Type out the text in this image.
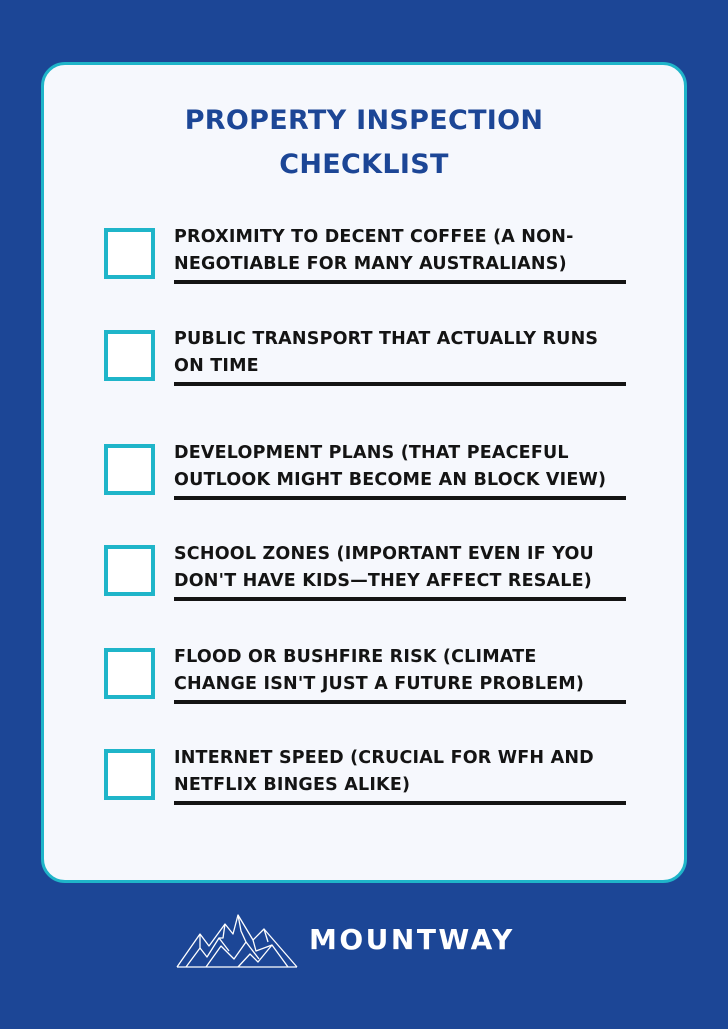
PROPERTY INSPECTION
CHECKLIST
PROXIMITY TO DECENT COFFEE (A NON-
NEGOTIABLE FOR MANY AUSTRALIANS)
PUBLIC TRANSPORT THAT ACTUALLY RUNS
ON TIME
DEVELOPMENT PLANS (THAT PEACEFUL
OUTLOOK MIGHT BECOME AN BLOCK VIEW)
SCHOOL ZONES (IMPORTANT EVEN IF YOU
DON'T HAVE KIDS—THEY AFFECT RESALE)
FLOOD OR BUSHFIRE RISK (CLIMATE
CHANGE ISN'T JUST A FUTURE PROBLEM)
INTERNET SPEED (CRUCIAL FOR WFH AND
NETFLIX BINGES ALIKE)
MOUNTWAY
